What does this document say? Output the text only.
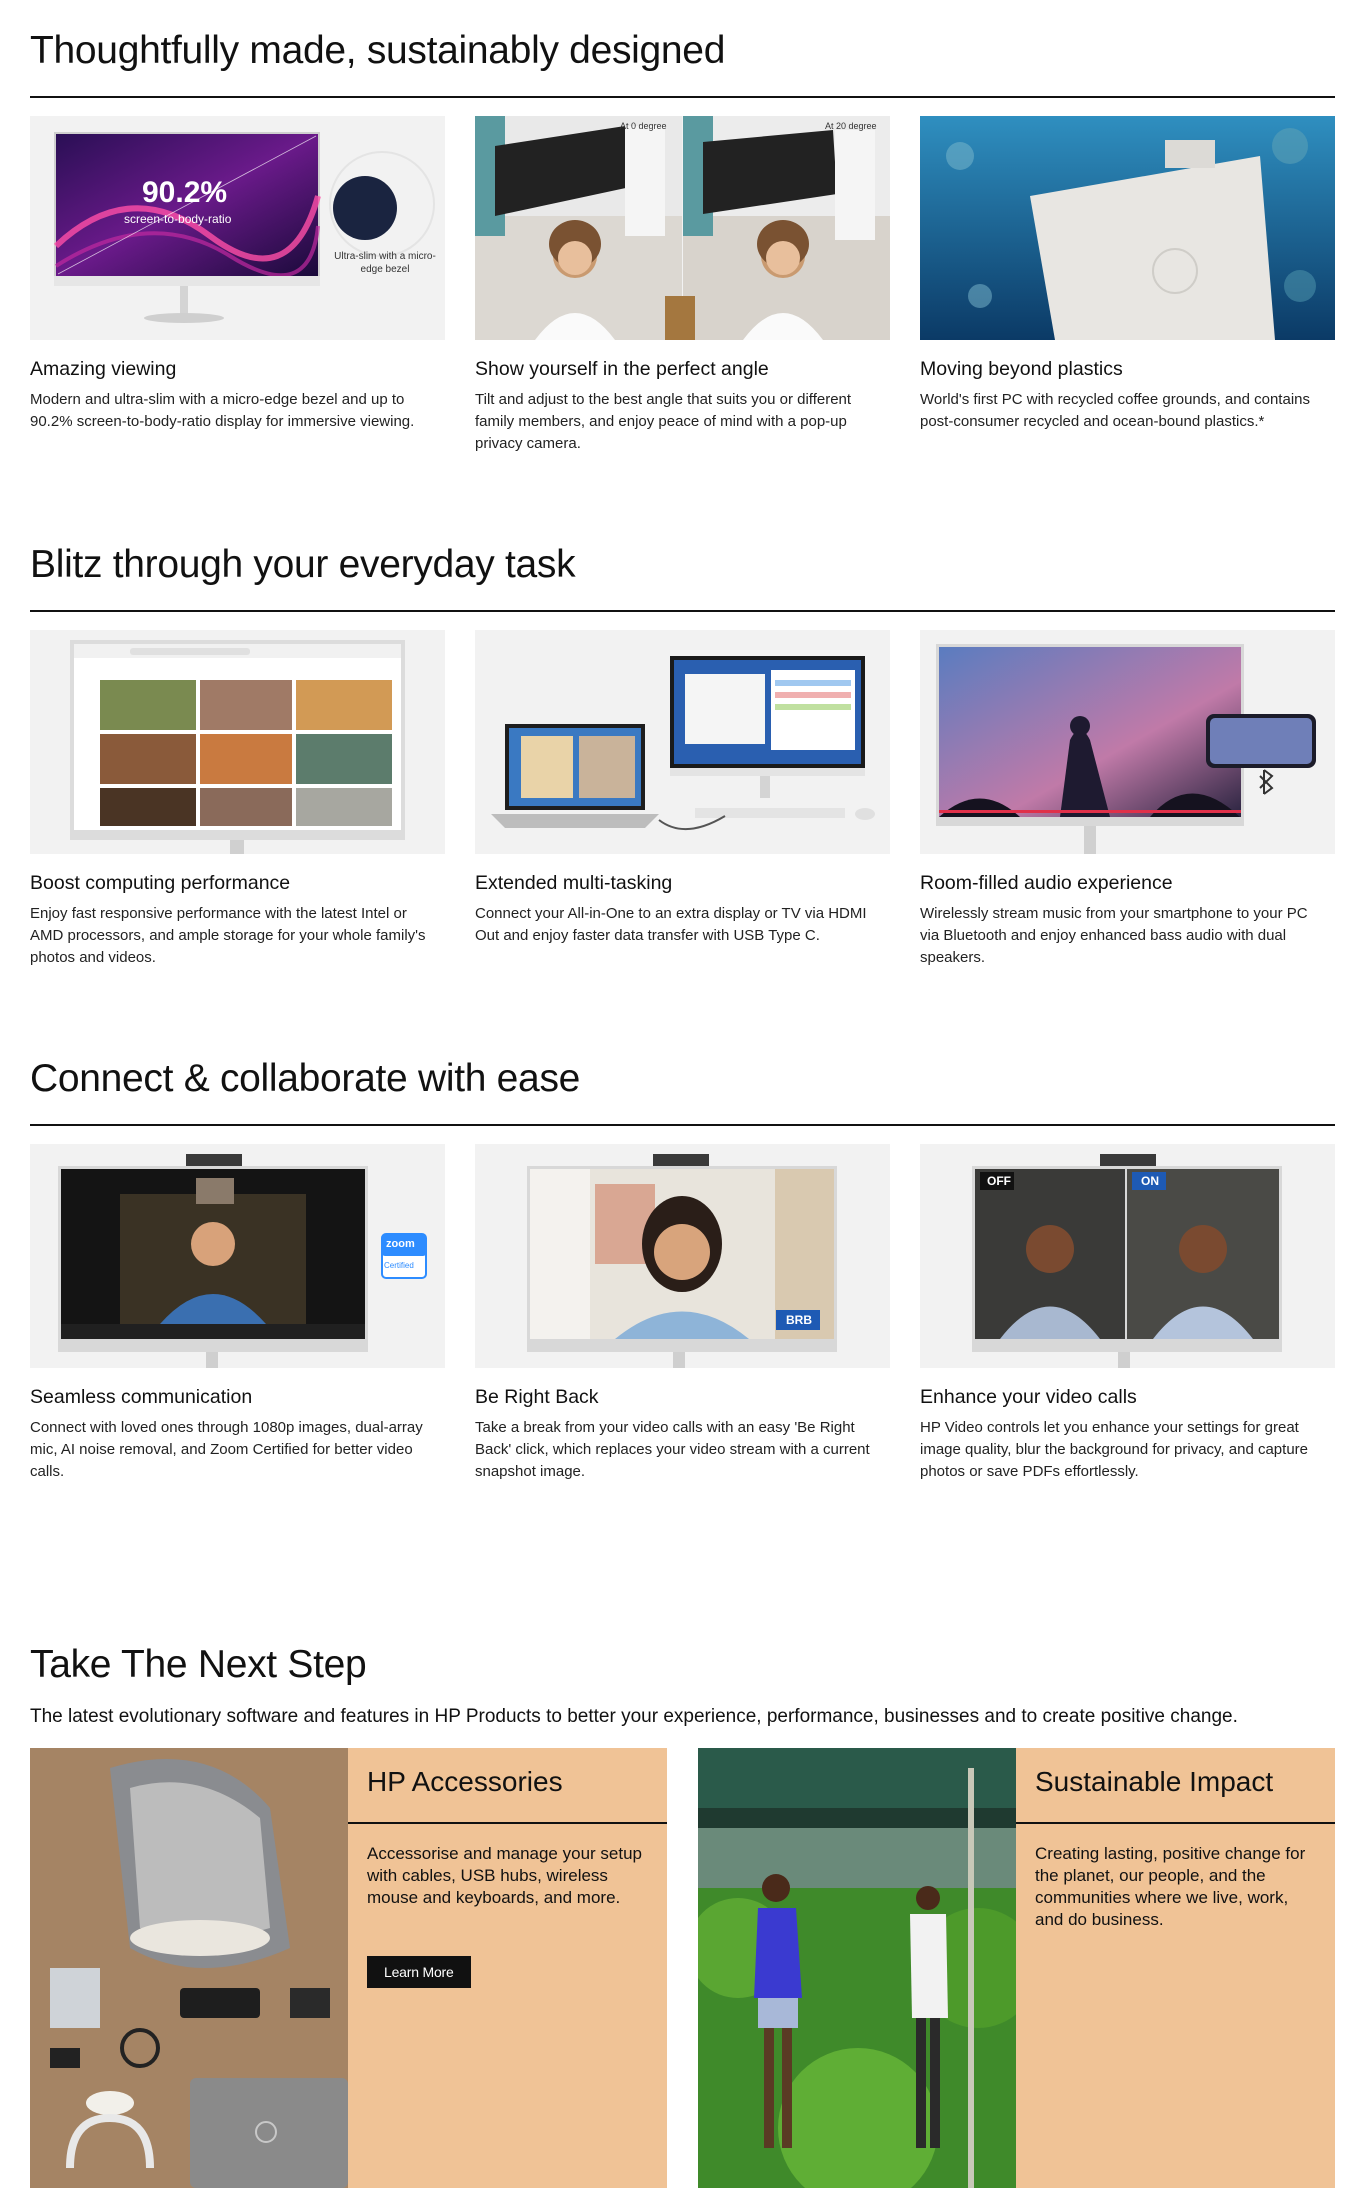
Thoughtfully made, sustainably designed
90.2%
screen-to-body-ratio
Ultra-slim with a micro-edge bezel
Amazing viewing
Modern and ultra-slim with a micro-edge bezel and up to 90.2% screen-to-body-ratio display for immersive viewing.
At 0 degree	At 20 degree
Show yourself in the perfect angle
Tilt and adjust to the best angle that suits you or different family members, and enjoy peace of mind with a pop-up privacy camera.
Moving beyond plastics
World's first PC with recycled coffee grounds, and contains post-consumer recycled and ocean-bound plastics.*
Blitz through your everyday task
Boost computing performance
Enjoy fast responsive performance with the latest Intel or AMD processors, and ample storage for your whole family's photos and videos.
Extended multi-tasking
Connect your All-in-One to an extra display or TV via HDMI Out and enjoy faster data transfer with USB Type C.
Room-filled audio experience
Wirelessly stream music from your smartphone to your PC via Bluetooth and enjoy enhanced bass audio with dual speakers.
Connect & collaborate with ease
zoom
Certified
Seamless communication
Connect with loved ones through 1080p images, dual-array mic, AI noise removal, and Zoom Certified for better video calls.
BRB
Be Right Back
Take a break from your video calls with an easy 'Be Right Back' click, which replaces your video stream with a current snapshot image.
OFF	ON
Enhance your video calls
HP Video controls let you enhance your settings for great image quality, blur the background for privacy, and capture photos or save PDFs effortlessly.
Take The Next Step
The latest evolutionary software and features in HP Products to better your experience, performance, businesses and to create positive change.
HP Accessories
Accessorise and manage your setup with cables, USB hubs, wireless mouse and keyboards, and more.
Learn More
Sustainable Impact
Creating lasting, positive change for the planet, our people, and the communities where we live, work, and do business.
